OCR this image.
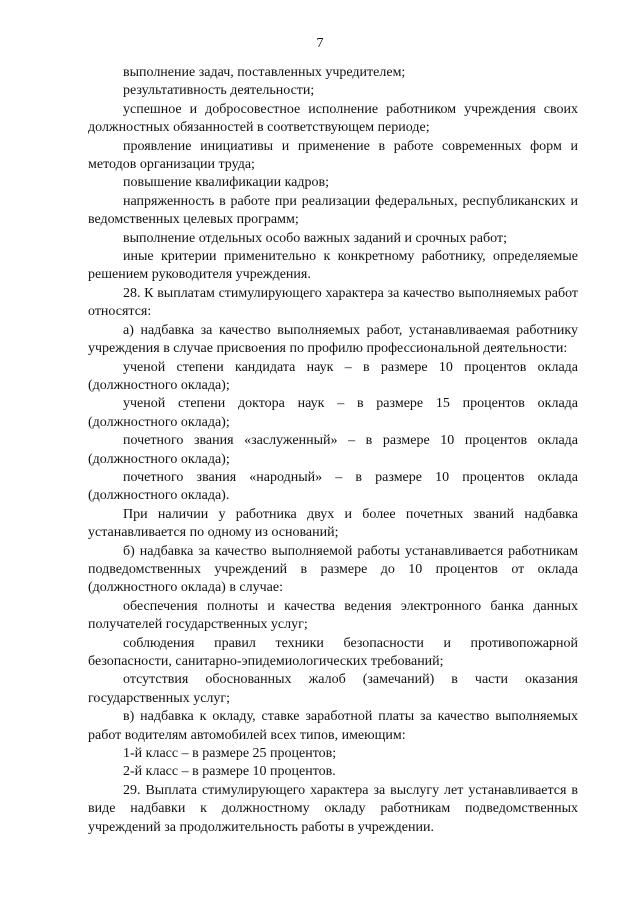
7

выполнение задач, поставленных учредителем;

результативность деятельности;

успешное и добросовестное исполнение работником учреждения своих должностных обязанностей в соответствующем периоде;

проявление инициативы и применение в работе современных форм и методов организации труда;

повышение квалификации кадров;

напряженность в работе при реализации федеральных, республиканских и ведомственных целевых программ;

выполнение отдельных особо важных заданий и срочных работ;

иные критерии применительно к конкретному работнику, определяемые решением руководителя учреждения.

28. К выплатам стимулирующего характера за качество выполняемых работ относятся:

а) надбавка за качество выполняемых работ, устанавливаемая работнику учреждения в случае присвоения по профилю профессиональной деятельности:

ученой степени кандидата наук – в размере 10 процентов оклада (должностного оклада);

ученой степени доктора наук – в размере 15 процентов оклада (должностного оклада);

почетного звания «заслуженный» – в размере 10 процентов оклада (должностного оклада);

почетного звания «народный» – в размере 10 процентов оклада (должностного оклада).

При наличии у работника двух и более почетных званий надбавка устанавливается по одному из оснований;

б) надбавка за качество выполняемой работы устанавливается работникам подведомственных учреждений в размере до 10 процентов от оклада (должностного оклада) в случае:

обеспечения полноты и качества ведения электронного банка данных получателей государственных услуг;

соблюдения правил техники безопасности и противопожарной безопасности, санитарно-эпидемиологических требований;

отсутствия обоснованных жалоб (замечаний) в части оказания государственных услуг;

в) надбавка к окладу, ставке заработной платы за качество выполняемых работ водителям автомобилей всех типов, имеющим:

1-й класс – в размере 25 процентов;

2-й класс – в размере 10 процентов.

29. Выплата стимулирующего характера за выслугу лет устанавливается в виде надбавки к должностному окладу работникам подведомственных учреждений за продолжительность работы в учреждении.
